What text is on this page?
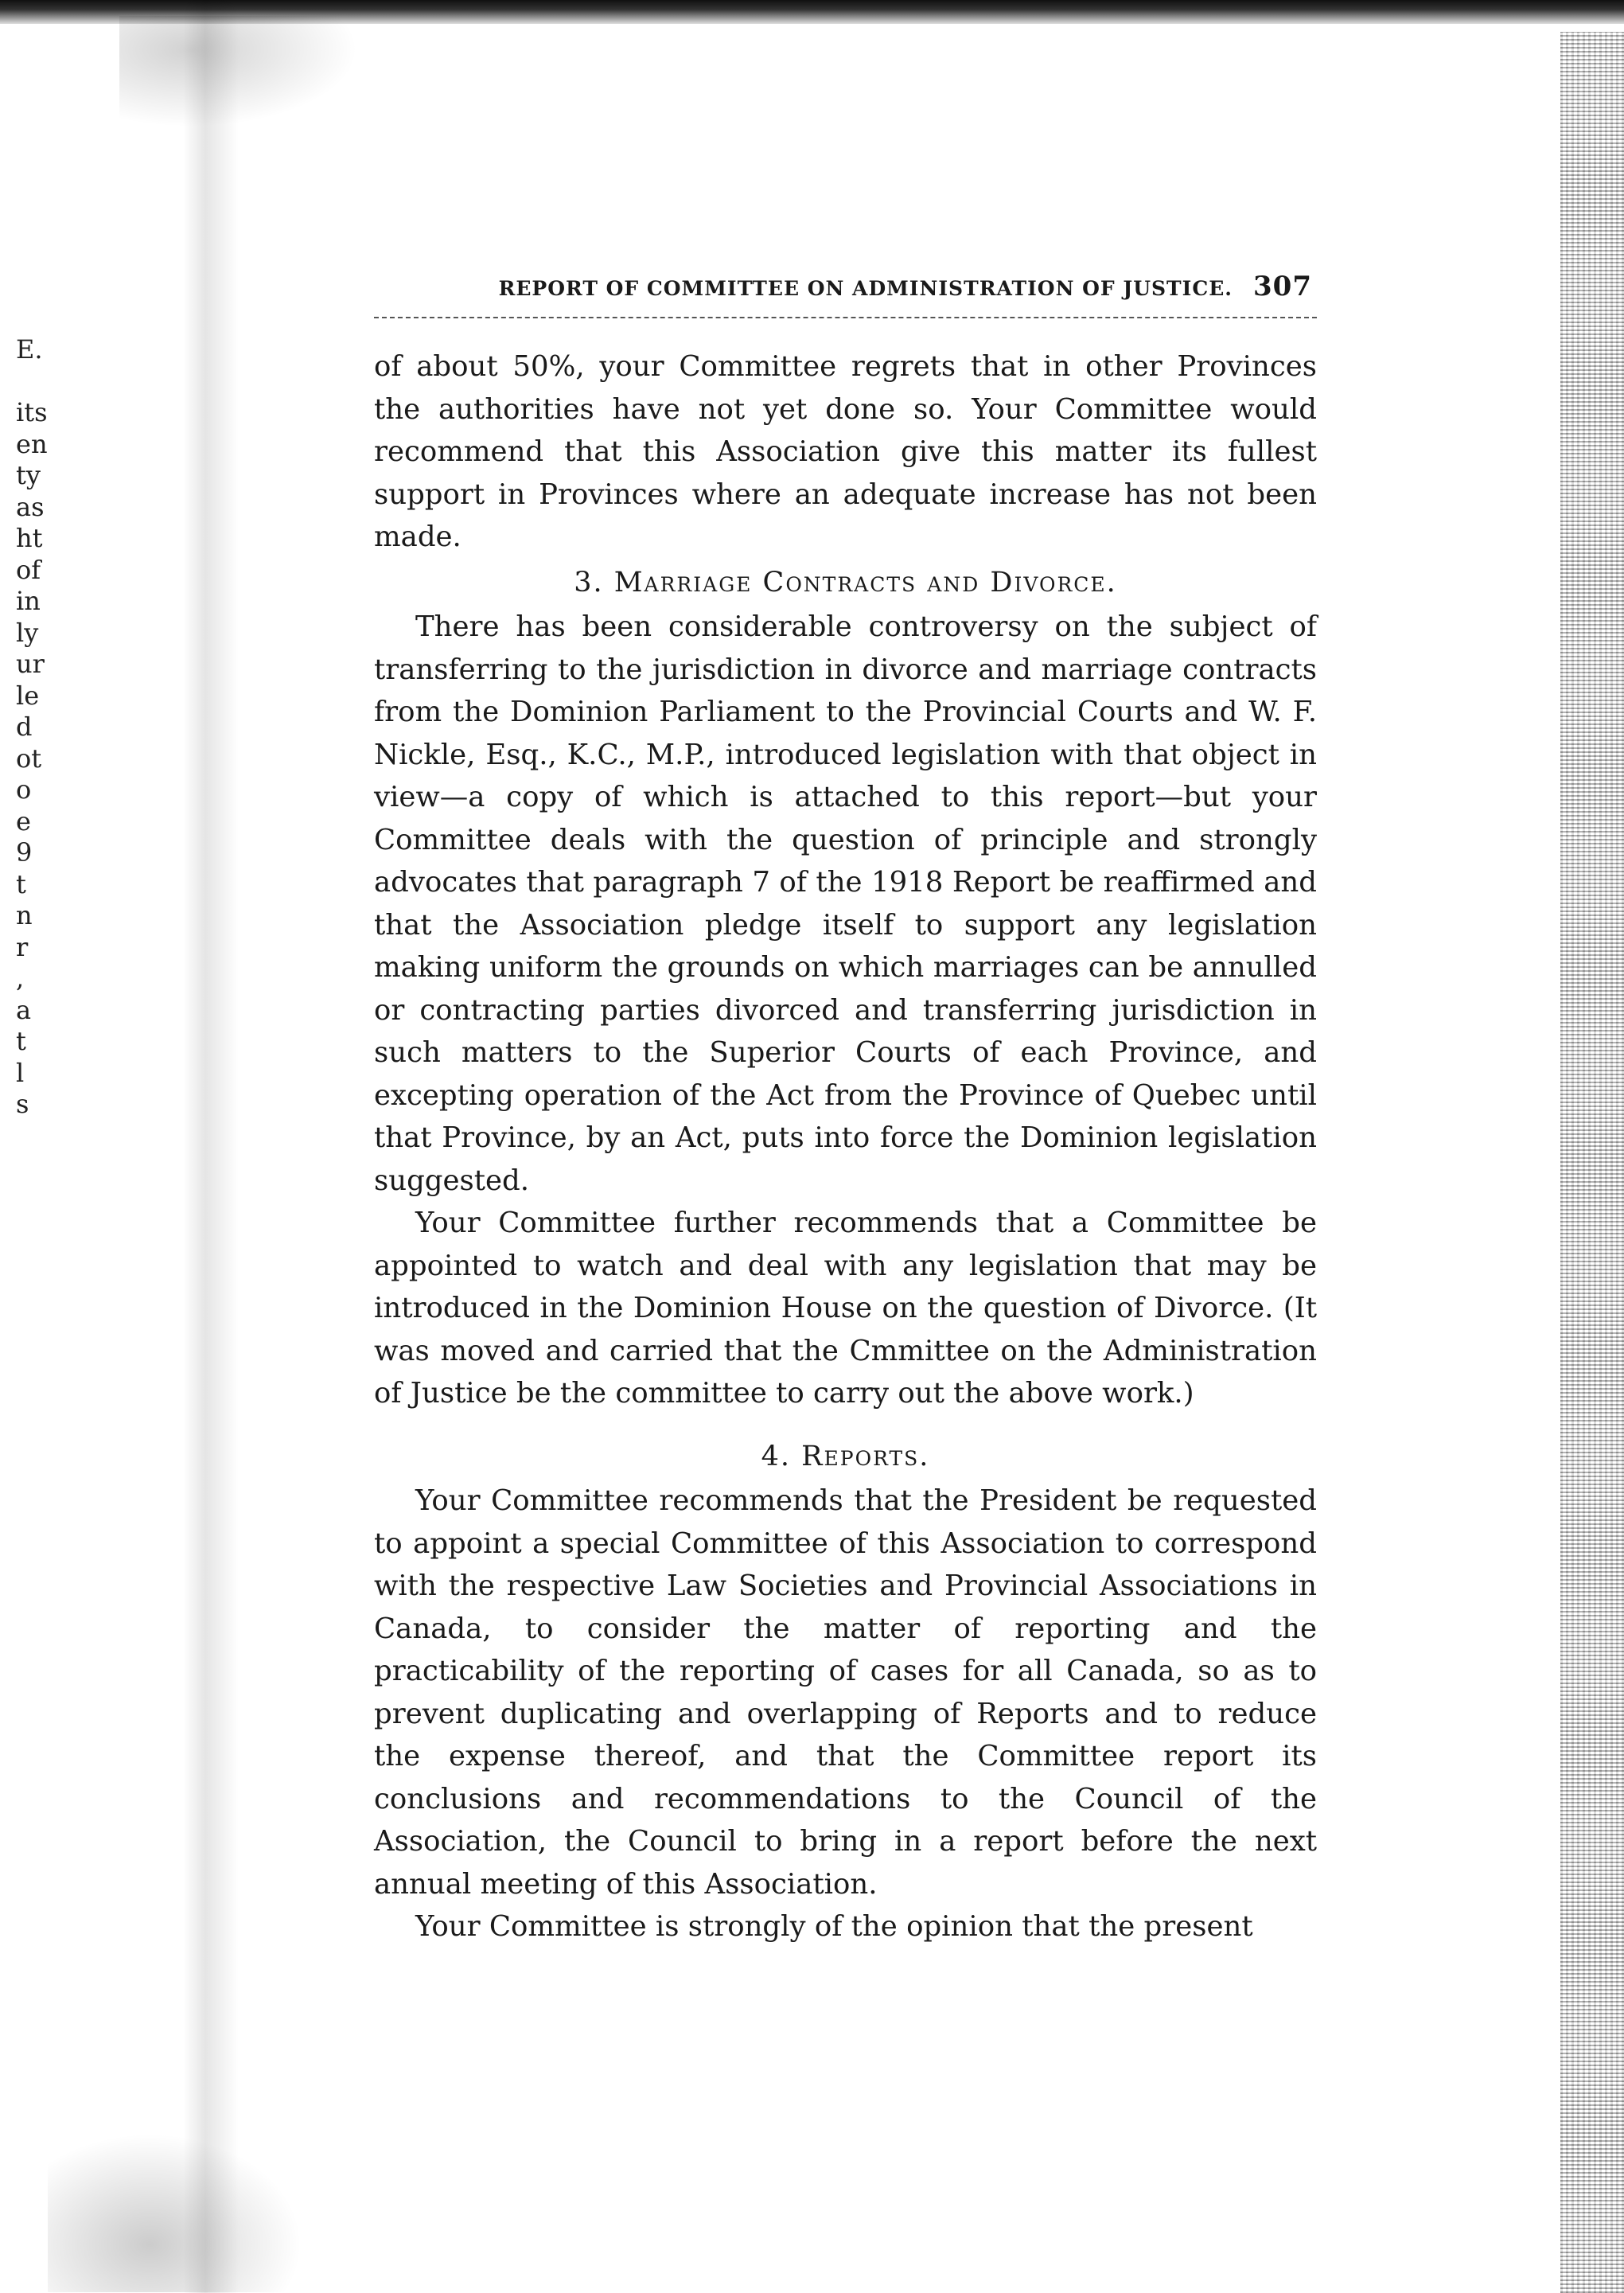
E.
its
en
ty
as
ht
of
in
ly
ur
le
d
ot
o
e
9
t
n
r
,
a
t
l
s
REPORT OF COMMITTEE ON ADMINISTRATION OF JUSTICE. 307

of about 50%, your Committee regrets that in other Provinces the authorities have not yet done so. Your Committee would recommend that this Association give this matter its fullest support in Provinces where an adequate increase has not been made.

3. Marriage Contracts and Divorce.

There has been considerable controversy on the subject of transferring to the jurisdiction in divorce and marriage contracts from the Dominion Parliament to the Provincial Courts and W. F. Nickle, Esq., K.C., M.P., introduced legislation with that object in view—a copy of which is attached to this report—but your Committee deals with the question of principle and strongly advocates that paragraph 7 of the 1918 Report be reaffirmed and that the Association pledge itself to support any legislation making uniform the grounds on which marriages can be annulled or contracting parties divorced and transferring jurisdiction in such matters to the Superior Courts of each Province, and excepting operation of the Act from the Province of Quebec until that Province, by an Act, puts into force the Dominion legislation suggested.

Your Committee further recommends that a Committee be appointed to watch and deal with any legislation that may be introduced in the Dominion House on the question of Divorce. (It was moved and carried that the Cmmittee on the Administration of Justice be the committee to carry out the above work.)

4. Reports.

Your Committee recommends that the President be requested to appoint a special Committee of this Association to correspond with the respective Law Societies and Provincial Associations in Canada, to consider the matter of reporting and the practicability of the reporting of cases for all Canada, so as to prevent duplicating and overlapping of Reports and to reduce the expense thereof, and that the Committee report its conclusions and recommendations to the Council of the Association, the Council to bring in a report before the next annual meeting of this Association.

Your Committee is strongly of the opinion that the present
